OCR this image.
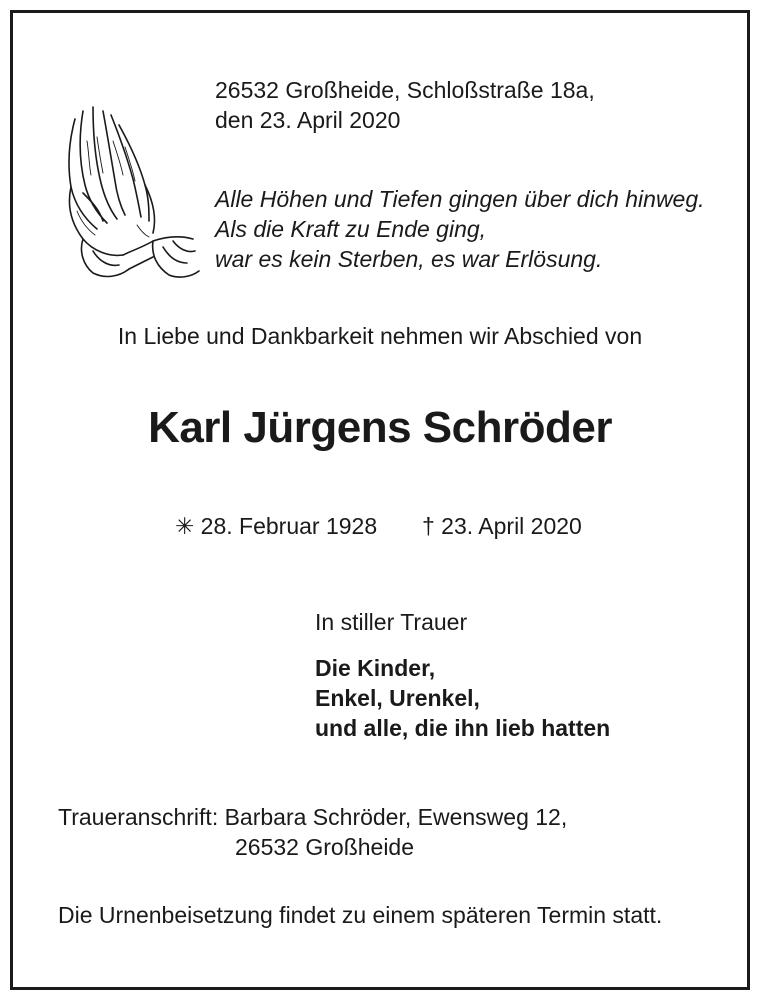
26532 Großheide, Schloßstraße 18a,
den 23. April 2020
Alle Höhen und Tiefen gingen über dich hinweg.
Als die Kraft zu Ende ging,
war es kein Sterben, es war Erlösung.
In Liebe und Dankbarkeit nehmen wir Abschied von
Karl Jürgens Schröder
✳ 28. Februar 1928 † 23. April 2020
In stiller Trauer
Die Kinder,
Enkel, Urenkel,
und alle, die ihn lieb hatten
Traueranschrift: Barbara Schröder, Ewensweg 12,
26532 Großheide
Die Urnenbeisetzung findet zu einem späteren Termin statt.
